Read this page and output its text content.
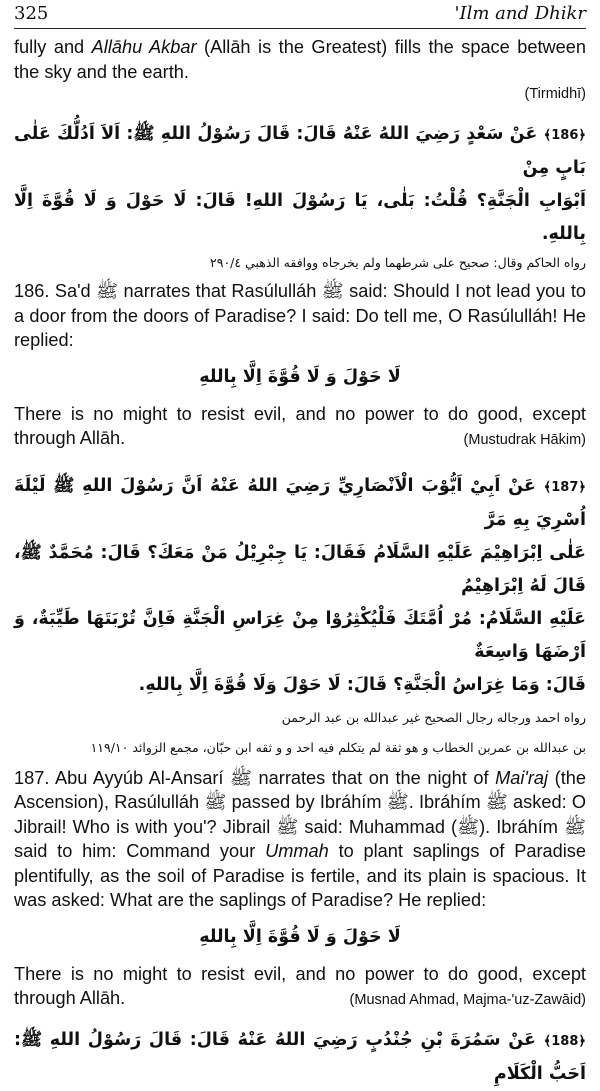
325	'Ilm and Dhikr

fully and Allāhu Akbar (Allāh is the Greatest) fills the space between the sky and the earth.

(Tirmidhī)

﴿186﴾ عَنْ سَعْدٍ رَضِيَ اللهُ عَنْهُ قَالَ: قَالَ رَسُوْلُ اللهِ ﷺ: اَلاَ اَدُلُّكَ عَلٰى بَابٍ مِنْ

اَبْوَابِ الْجَنَّةِ؟ قُلْتُ: بَلٰى، يَا رَسُوْلَ اللهِ! قَالَ: لَا حَوْلَ وَ لَا قُوَّةَ اِلَّا بِاللهِ.

رواه الحاكم وقال: صحيح على شرطهما ولم يخرجاه ووافقه الذهبي ٢٩٠/٤

186. Sa'd ﷺ narrates that Rasúlulláh ﷺ said: Should I not lead you to a door from the doors of Paradise? I said: Do tell me, O Rasúlulláh! He replied:

لَا حَوْلَ وَ لَا قُوَّةَ اِلَّا بِاللهِ

There is no might to resist evil, and no power to do good, except through Allāh.	(Mustudrak Hākim)

﴿187﴾ عَنْ اَبِيْ اَيُّوْبَ الْاَنْصَارِيِّ رَضِيَ اللهُ عَنْهُ اَنَّ رَسُوْلَ اللهِ ﷺ لَيْلَةَ اُسْرِيَ بِهِ مَرَّ

عَلٰى اِبْرَاهِيْمَ عَلَيْهِ السَّلَامُ فَقَالَ: يَا جِبْرِيْلُ مَنْ مَعَكَ؟ قَالَ: مُحَمَّدٌ ﷺ، قَالَ لَهُ اِبْرَاهِيْمُ

عَلَيْهِ السَّلَامُ: مُرْ اُمَّتَكَ فَلْيُكْثِرُوْا مِنْ غِرَاسِ الْجَنَّةِ فَاِنَّ تُرْبَتَهَا طَيِّبَةٌ، وَ اَرْضَهَا وَاسِعَةٌ

قَالَ: وَمَا غِرَاسُ الْجَنَّةِ؟ قَالَ: لَا حَوْلَ وَلَا قُوَّةَ اِلَّا بِاللهِ.

رواه احمد ورجاله رجال الصحيح غير عبدالله بن عبد الرحمن

بن عبدالله بن عمربن الخطاب و هو ثقة لم يتكلم فيه احد و و ثقه ابن حبّان، مجمع الزوائد ١١٩/١٠

187. Abu Ayyúb Al-Ansarí ﷺ narrates that on the night of Mai'raj (the Ascension), Rasúlulláh ﷺ passed by Ibráhím ﷺ. Ibráhím ﷺ asked: O Jibrail! Who is with you'? Jibrail ﷺ said: Muhammad (ﷺ). Ibráhím ﷺ said to him: Command your Ummah to plant saplings of Paradise plentifully, as the soil of Paradise is fertile, and its plain is spacious. It was asked: What are the saplings of Paradise? He replied:

لَا حَوْلَ وَ لَا قُوَّةَ اِلَّا بِاللهِ

There is no might to resist evil, and no power to do good, except through Allāh.	(Musnad Ahmad, Majma-'uz-Zawāid)

﴿188﴾ عَنْ سَمُرَةَ بْنِ جُنْدُبٍ رَضِيَ اللهُ عَنْهُ قَالَ: قَالَ رَسُوْلُ اللهِ ﷺ: اَحَبُّ الْكَلَامِ
